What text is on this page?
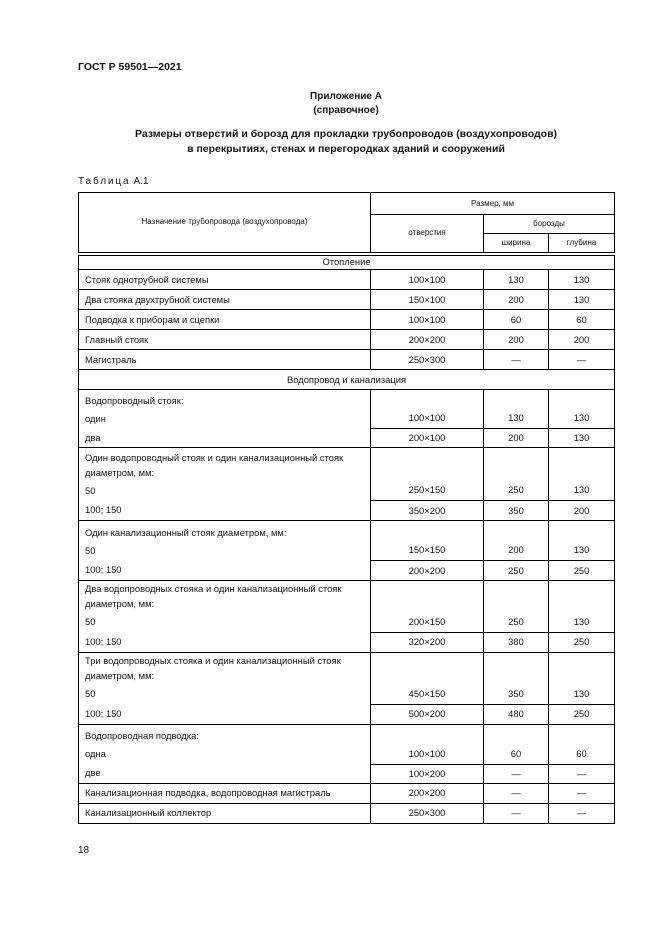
ГОСТ Р 59501—2021
Приложение А
(справочное)
Размеры отверстий и борозд для прокладки трубопроводов (воздухопроводов)
в перекрытиях, стенах и перегородках зданий и сооружений
Таблица А.1
Назначение трубопровода (воздухопровода)	Размер, мм		
	отверстия	борозды	
		ширина	глубина
Отопление			
Стояк однотрубной системы	100×100	130	130
Два стояка двухтрубной системы	150×100	200	130
Подводка к приборам и сцепки	100×100	60	60
Главный стояк	200×200	200	200
Магистраль	250×300	—	—
Водопровод и канализация			

Водопроводный стояк:
один	100×100	130	130
два	200×100	200	130

Один водопроводный стояк и один канализационный стояк диаметром, мм:
50	250×150	250	130
100; 150	350×200	350	200

Один канализационный стояк диаметром, мм:
50	150×150	200	130
100; 150	200×200	250	250

Два водопроводных стояка и один канализационный стояк диаметром, мм:
50	200×150	250	130
100; 150	320×200	380	250

Три водопроводных стояка и один канализационный стояк диаметром, мм:
50	450×150	350	130
100; 150	500×200	480	250

Водопроводная подводка:
одна	100×100	60	60
две	100×200	—	—
Канализационная подводка, водопроводная магистраль	200×200	—	—
Канализационный коллектор	250×300	—	—
18
